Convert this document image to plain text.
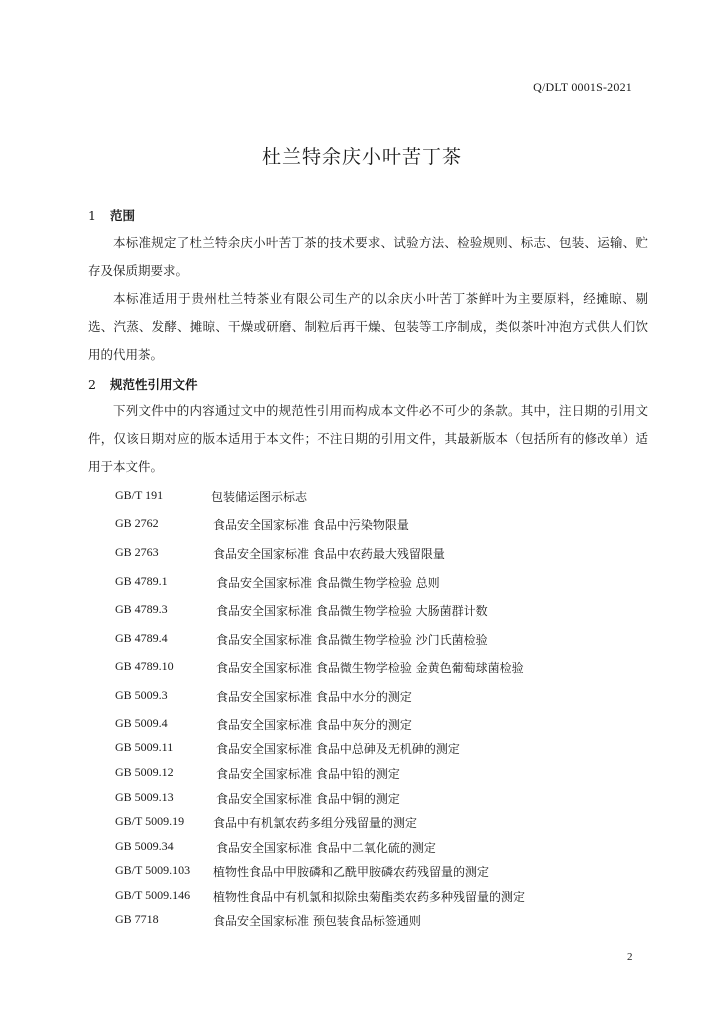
Q/DLT 0001S-2021
杜兰特余庆小叶苦丁茶
1 范围

本标准规定了杜兰特余庆小叶苦丁茶的技术要求、试验方法、检验规则、标志、包装、运输、贮存及保质期要求。

本标准适用于贵州杜兰特茶业有限公司生产的以余庆小叶苦丁茶鲜叶为主要原料，经摊晾、剔选、汽蒸、发酵、摊晾、干燥或研磨、制粒后再干燥、包装等工序制成，类似茶叶冲泡方式供人们饮用的代用茶。

2 规范性引用文件

下列文件中的内容通过文中的规范性引用而构成本文件必不可少的条款。其中，注日期的引用文件，仅该日期对应的版本适用于本文件；不注日期的引用文件，其最新版本（包括所有的修改单）适用于本文件。

GB/T 191	包装储运图示标志
GB 2762	食品安全国家标准 食品中污染物限量
GB 2763	食品安全国家标准 食品中农药最大残留限量
GB 4789.1	食品安全国家标准 食品微生物学检验 总则
GB 4789.3	食品安全国家标准 食品微生物学检验 大肠菌群计数
GB 4789.4	食品安全国家标准 食品微生物学检验 沙门氏菌检验
GB 4789.10	食品安全国家标准 食品微生物学检验 金黄色葡萄球菌检验
GB 5009.3	食品安全国家标准 食品中水分的测定
GB 5009.4	食品安全国家标准 食品中灰分的测定
GB 5009.11	食品安全国家标准 食品中总砷及无机砷的测定
GB 5009.12	食品安全国家标准 食品中铅的测定
GB 5009.13	食品安全国家标准 食品中铜的测定
GB/T 5009.19 食品中有机氯农药多组分残留量的测定
GB 5009.34	食品安全国家标准 食品中二氧化硫的测定
GB/T 5009.103 植物性食品中甲胺磷和乙酰甲胺磷农药残留量的测定
GB/T 5009.146 植物性食品中有机氯和拟除虫菊酯类农药多种残留量的测定
GB 7718	食品安全国家标准 预包装食品标签通则
2
